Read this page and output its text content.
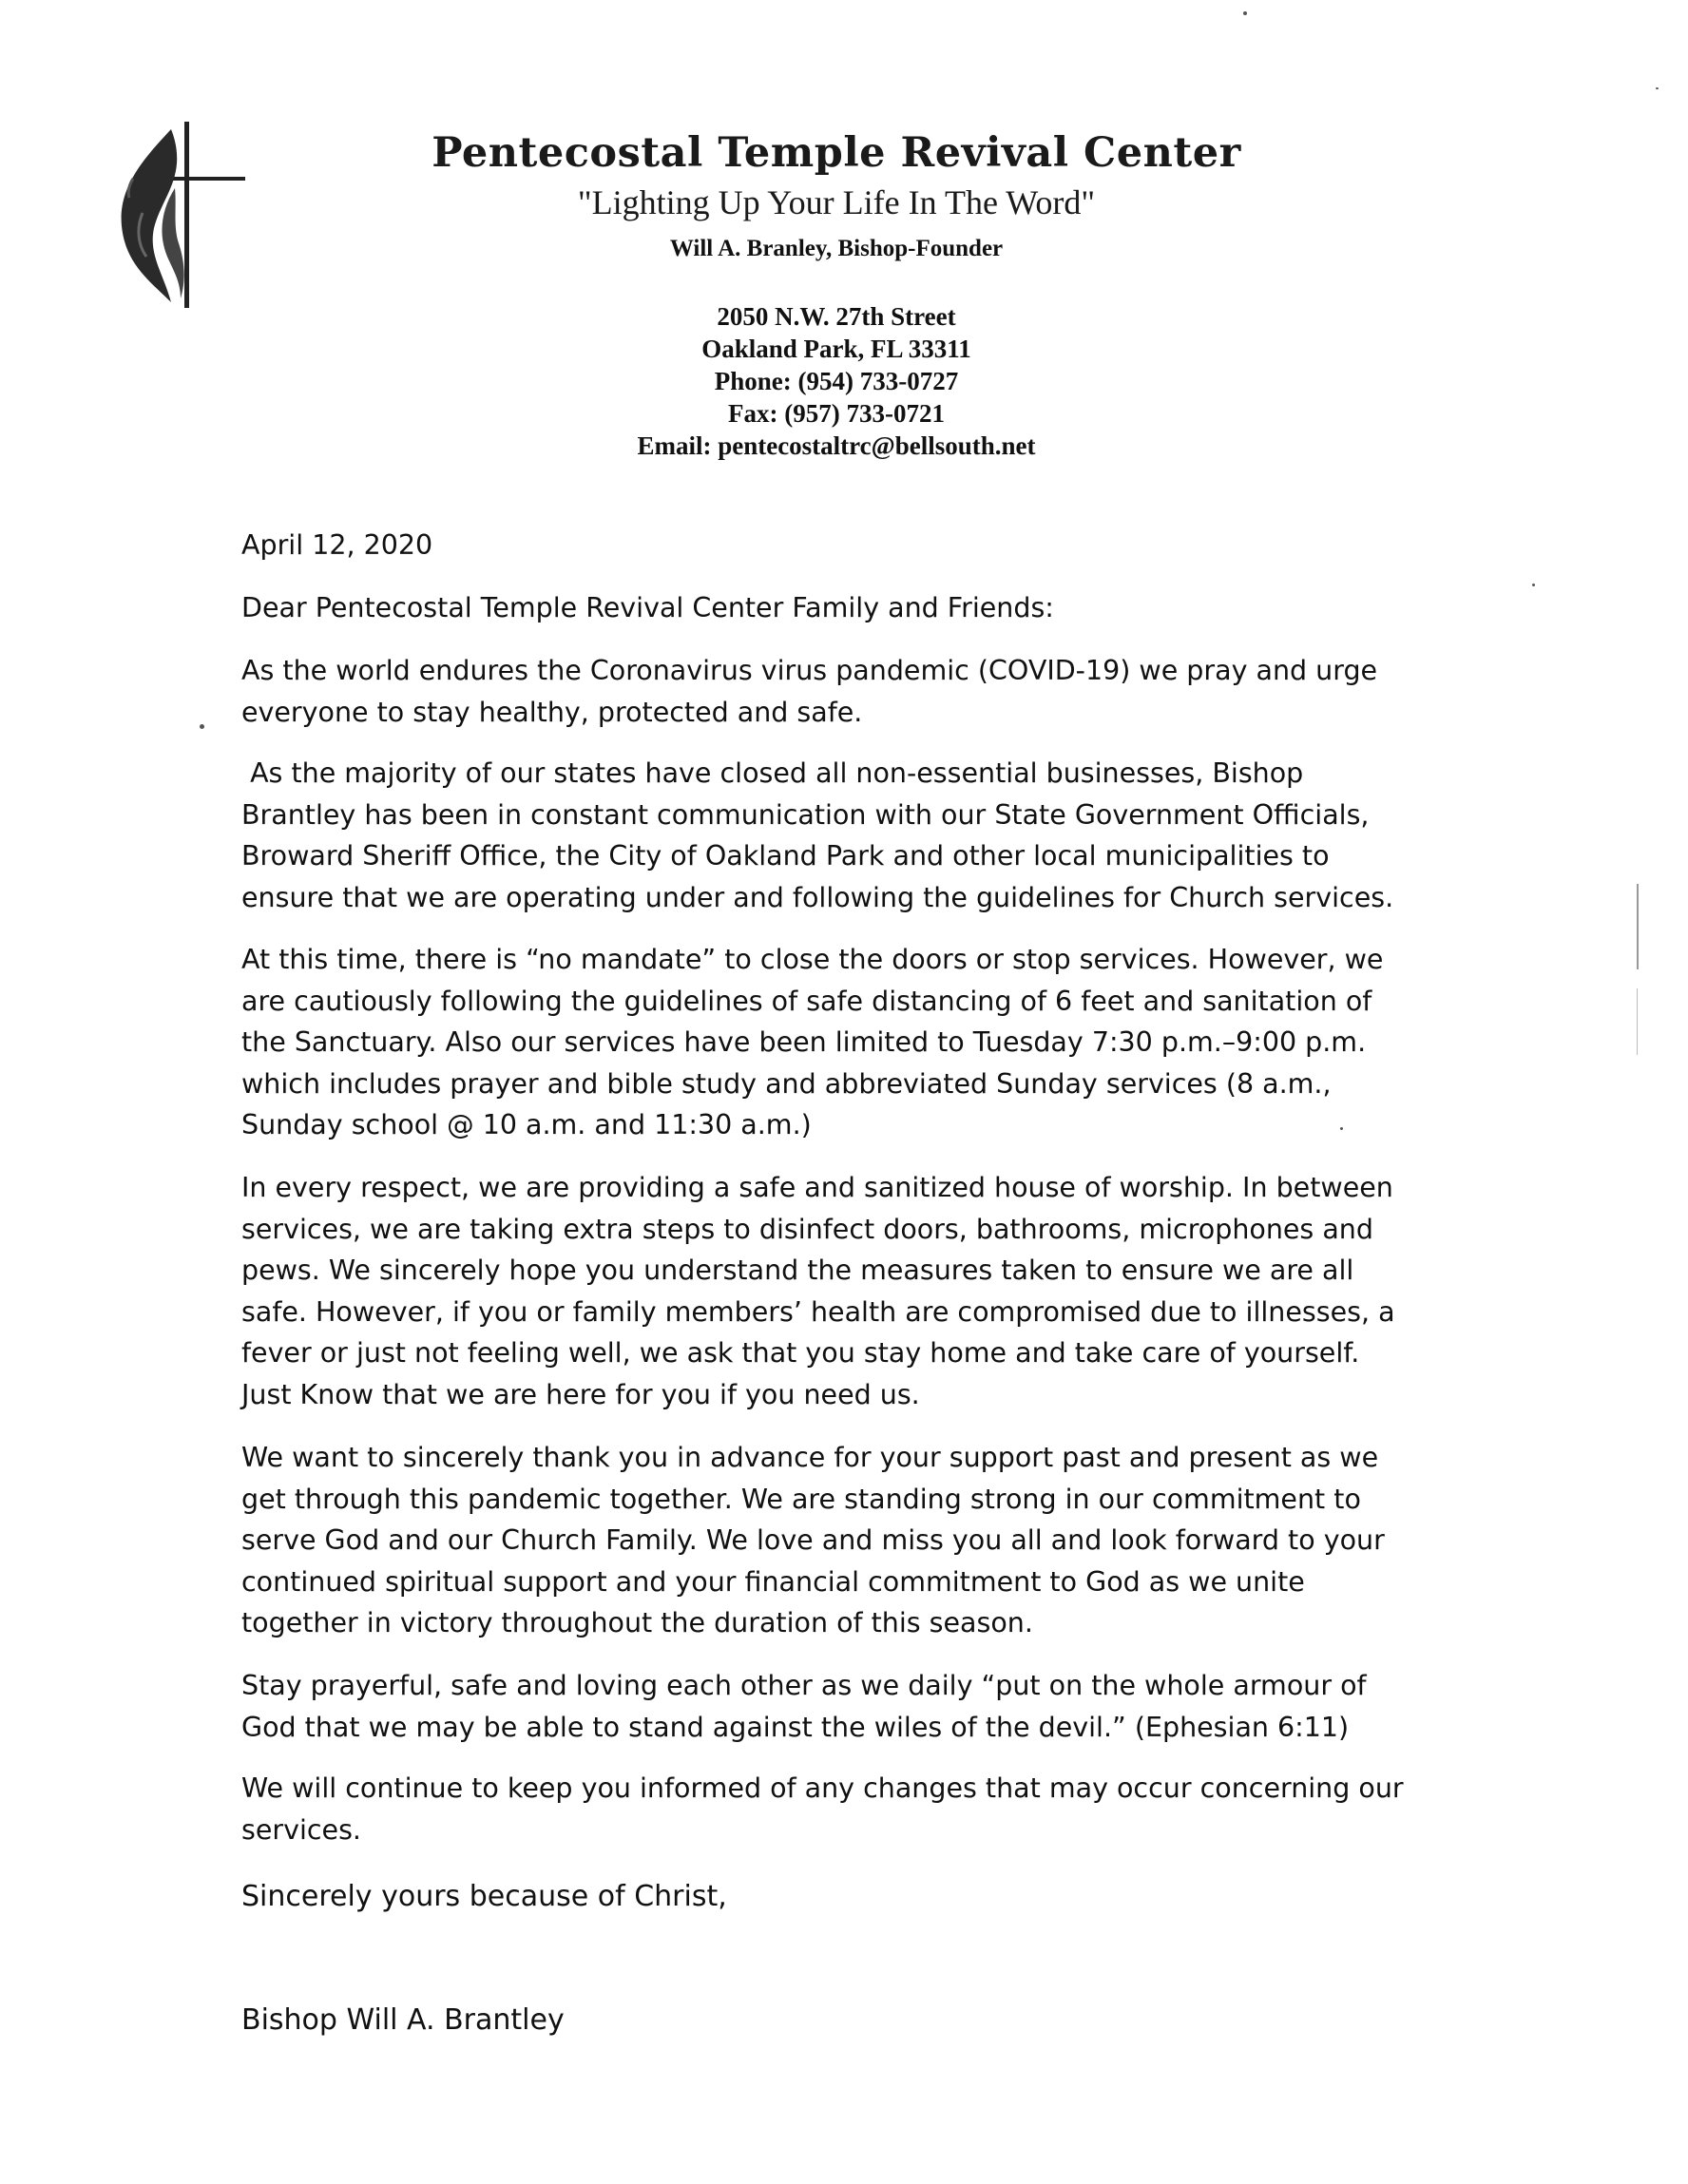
Pentecostal Temple Revival Center
"Lighting Up Your Life In The Word"
Will A. Branley, Bishop-Founder
2050 N.W. 27th Street
Oakland Park, FL 33311
Phone: (954) 733-0727
Fax: (957) 733-0721
Email: pentecostaltrc@bellsouth.net
April 12, 2020
Dear Pentecostal Temple Revival Center Family and Friends:
As the world endures the Coronavirus virus pandemic (COVID-19) we pray and urge everyone to stay healthy, protected and safe.
As the majority of our states have closed all non-essential businesses, Bishop Brantley has been in constant communication with our State Government Officials,  Broward Sheriff Office, the City of Oakland Park and other local municipalities to ensure that we are operating under and following the guidelines for Church services.
At this time, there is “no mandate” to close the doors or stop services. However, we are cautiously following the guidelines of safe distancing of 6 feet and sanitation of the Sanctuary. Also our services have been limited to Tuesday 7:30 p.m.–9:00 p.m. which includes prayer and bible study and abbreviated Sunday services (8 a.m., Sunday school @ 10 a.m. and 11:30 a.m.)
In every respect, we are providing a safe and sanitized house of worship. In between services, we are taking extra steps to disinfect doors, bathrooms, microphones and pews. We sincerely hope you understand the measures taken to ensure we are all safe. However, if you or family members’ health are compromised due to illnesses, a fever or just not feeling well, we ask that you stay home and take care of yourself. Just Know that we are here for you if you need us.
We want to sincerely thank you in advance for your support past and present as we get through this pandemic together. We are standing strong in our commitment to serve God and our Church Family. We love and miss you all and look forward to your continued spiritual support and your financial commitment to God as we unite together in victory throughout the duration of this season.
Stay prayerful, safe and loving each other as we daily “put on the whole armour of God that we may be able to stand against the wiles of the devil.” (Ephesian 6:11)
We will continue to keep you informed of any changes that may occur concerning our services.
Sincerely yours because of Christ,
Bishop Will A. Brantley
